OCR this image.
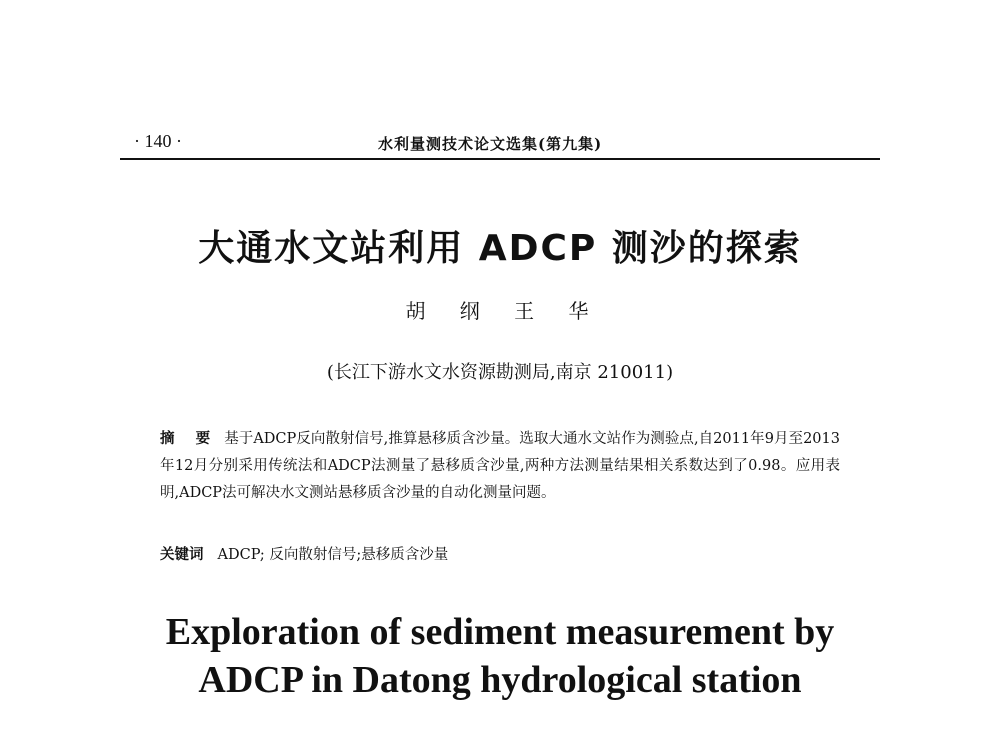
· 140 ·	水利量测技术论文选集(第九集)
大通水文站利用 ADCP 测沙的探索
胡 纲 王 华
(长江下游水文水资源勘测局,南京 210011)
摘 要 基于ADCP反向散射信号,推算悬移质含沙量。选取大通水文站作为测验点,自2011年9月至2013年12月分别采用传统法和ADCP法测量了悬移质含沙量,两种方法测量结果相关系数达到了0.98。应用表明,ADCP法可解决水文测站悬移质含沙量的自动化测量问题。
关键词 ADCP; 反向散射信号;悬移质含沙量
Exploration of sediment measurement by
ADCP in Datong hydrological station
